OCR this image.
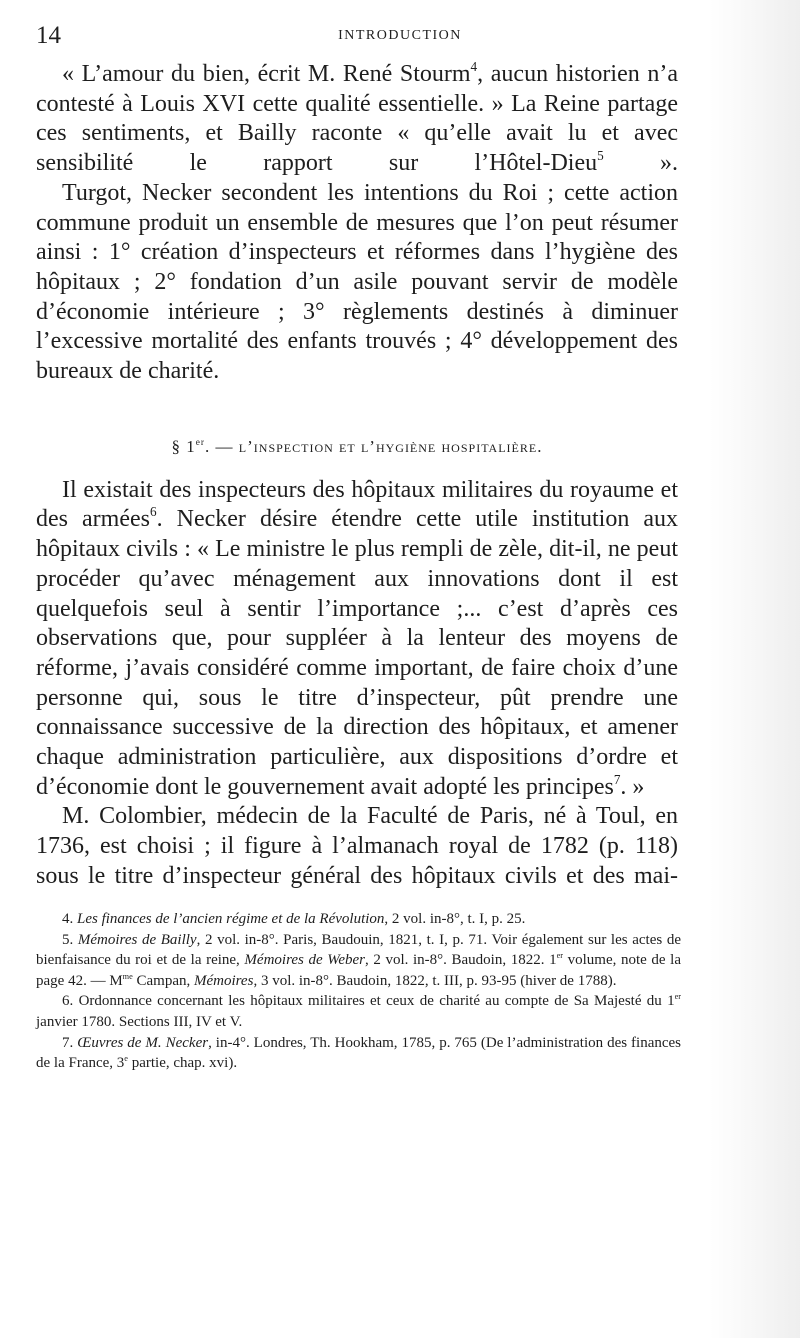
14	INTRODUCTION

« L’amour du bien, écrit M. René Stourm$^4$, aucun historien n’a contesté à Louis XVI cette qualité essentielle. » La Reine partage ces sentiments, et Bailly raconte « qu’elle avait lu et avec sensibilité le rapport sur l’Hôtel-Dieu$^5$ ».

Turgot, Necker secondent les intentions du Roi ; cette action commune produit un ensemble de mesures que l’on peut résumer ainsi : 1° création d’inspecteurs et réformes dans l’hygiène des hôpitaux ; 2° fondation d’un asile pouvant servir de modèle d’économie intérieure ; 3° règlements destinés à diminuer l’excessive mortalité des enfants trouvés ; 4° développement des bureaux de charité.

§ 1er. — l’inspection et l’hygiène hospitalière.

Il existait des inspecteurs des hôpitaux militaires du royaume et des armées$^6$. Necker désire étendre cette utile institution aux hôpitaux civils : « Le ministre le plus rempli de zèle, dit-il, ne peut procéder qu’avec ménagement aux innovations dont il est quelquefois seul à sentir l’importance ;... c’est d’après ces observations que, pour suppléer à la lenteur des moyens de réforme, j’avais considéré comme important, de faire choix d’une personne qui, sous le titre d’inspecteur, pût prendre une connaissance successive de la direction des hôpitaux, et amener chaque administration particulière, aux dispositions d’ordre et d’économie dont le gouvernement avait adopté les principes$^7$. »

M. Colombier, médecin de la Faculté de Paris, né à Toul, en 1736, est choisi ; il figure à l’almanach royal de 1782 (p. 118) sous le titre d’inspecteur général des hôpitaux civils et des mai-

4. Les finances de l’ancien régime et de la Révolution, 2 vol. in-8°, t. I, p. 25.

5. Mémoires de Bailly, 2 vol. in-8°. Paris, Baudouin, 1821, t. I, p. 71. Voir également sur les actes de bienfaisance du roi et de la reine, Mémoires de Weber, 2 vol. in-8°. Baudoin, 1822. 1er volume, note de la page 42. — $M^{me}$ Campan, Mémoires, 3 vol. in-8°. Baudoin, 1822, t. III, p. 93-95 (hiver de 1788).

6. Ordonnance concernant les hôpitaux militaires et ceux de charité au compte de Sa Majesté du 1er janvier 1780. Sections III, IV et V.

7. Œuvres de M. Necker, in-4°. Londres, Th. Hookham, 1785, p. 765 (De l’administration des finances de la France, 3e partie, chap. xvi).
